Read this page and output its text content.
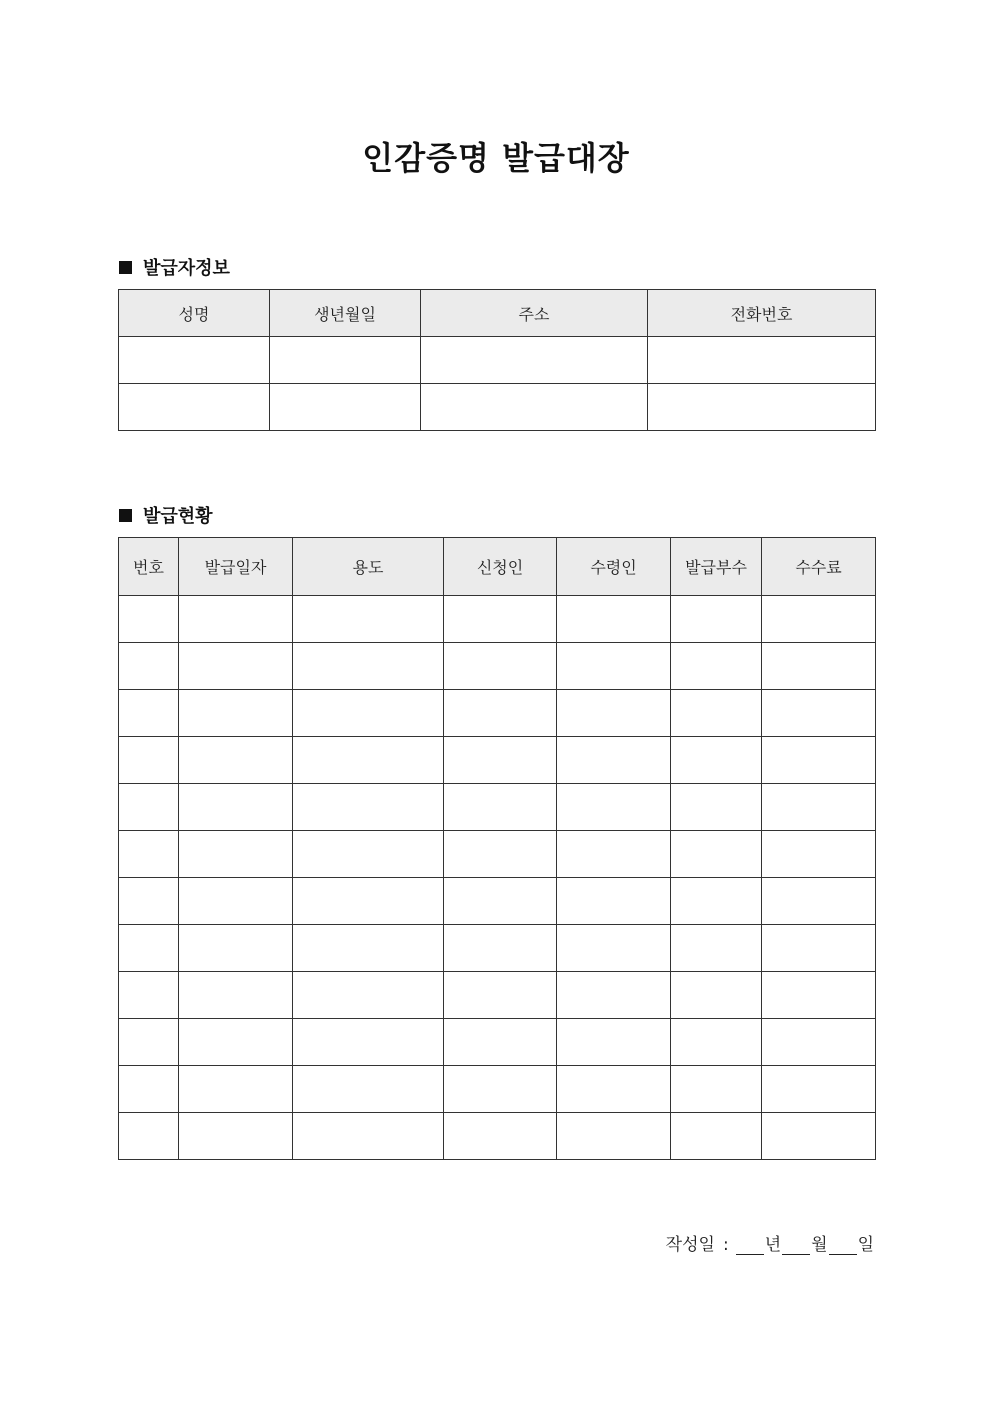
인감증명 발급대장
발급자정보
성명	생년월일	주소	전화번호

발급현황
번호	발급일자	용도	신청인	수령인	발급부수	수수료

작성일 : 년 월 일
